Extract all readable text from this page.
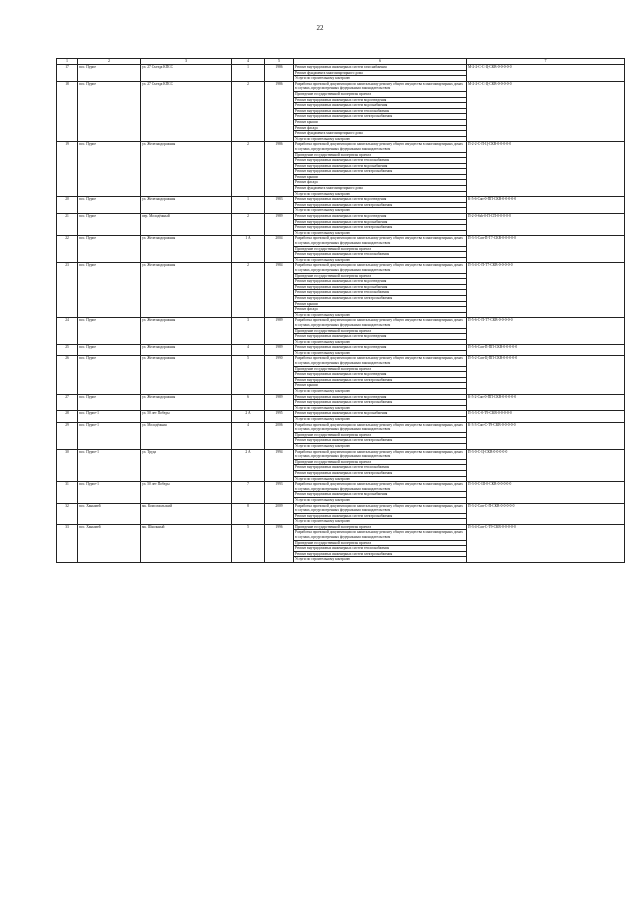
22
1	2	3	4	5	6	7
17	пос. Пурпе	ул. 27 Съезда КПСС	1	1986	Ремонт внутридомовых инженерных систем газоснабжения	М-2-2-С-С-Ц-СКВ-0-0-0-0-0
					Ремонт фундамента многоквартирного дома	
					Услуги по строительному контролю	
18	пос. Пурпе	ул. 27 Съезда КПСС	2	1986	Разработка проектной документации по капитальному ремонту общего имущества в многоквартирных домах в случаях, предусмотренных федеральным законодательством	М-2-2-С-С-Ц-СКВ-0-0-0-0-0
					Проведение государственной экспертизы проекта	
					Ремонт внутридомовых инженерных систем водоотведения	
					Ремонт внутридомовых инженерных систем водоснабжения	
					Ремонт внутридомовых инженерных систем теплоснабжения	
					Ремонт внутридомовых инженерных систем электроснабжения	
					Ремонт крыши	
					Ремонт фасада	
					Ремонт фундамента многоквартирного дома	
					Услуги по строительному контролю	
19	пос. Пурпе	ул. Железнодорожная	2	1986	Разработка проектной документации по капитальному ремонту общего имущества в многоквартирных домах в случаях, предусмотренных федеральным законодательством	П-2-2-С-П-Ц-СКВ-0-0-0-0-0
					Проведение государственной экспертизы проекта	
					Ремонт внутридомовых инженерных систем теплоснабжения	
					Ремонт внутридомовых инженерных систем водоснабжения	
					Ремонт внутридомовых инженерных систем электроснабжения	
					Ремонт крыши	
					Ремонт фасада	
					Ремонт фундамента многоквартирного дома	
					Услуги по строительному контролю	
20	пос. Пурпе	ул. Железнодорожная	1	1983	Ремонт внутридомовых инженерных систем водоотведения	К-5-6-Сап-0-ПП-СКВ-0-0-0-0-0
					Ремонт внутридомовых инженерных систем электроснабжения	
					Услуги по строительному контролю	
21	пос. Пурпе	пер. Молодёжный	2	1989	Ремонт внутридомовых инженерных систем водоотведения	П-2-0-Ssb-0-П-СП-0-0-0-0-0
					Ремонт внутридомовых инженерных систем водоснабжения	
					Ремонт внутридомовых инженерных систем электроснабжения	
					Услуги по строительному контролю	
22	пос. Пурпе	ул. Железнодорожная	1 А	2004	Разработка проектной документации по капитальному ремонту общего имущества в многоквартирных домах в случаях, предусмотренных федеральным законодательством	П-3-3-Сап-П-Т7-СКВ-0-0-0-0-0
					Проведение государственной экспертизы проекта	
					Ремонт внутридомовых инженерных систем теплоснабжения	
					Услуги по строительному контролю	
23	пос. Пурпе	ул. Железнодорожная	2	1984	Разработка проектной документации по капитальному ремонту общего имущества в многоквартирных домах в случаях, предусмотренных федеральным законодательством	П-3-4-С-П-Т7-СКВ-0-0-0-0-0
					Проведение государственной экспертизы проекта	
					Ремонт внутридомовых инженерных систем водоотведения	
					Ремонт внутридомовых инженерных систем водоснабжения	
					Ремонт внутридомовых инженерных систем теплоснабжения	
					Ремонт внутридомовых инженерных систем электроснабжения	
					Ремонт крыши	
					Ремонт фасада	
					Услуги по строительному контролю	
24	пос. Пурпе	ул. Железнодорожная	3	1989	Разработка проектной документации по капитальному ремонту общего имущества в многоквартирных домах в случаях, предусмотренных федеральным законодательством	П-5-6-С-П-Т7-СКВ-0-0-0-0-0
					Проведение государственной экспертизы проекта	
					Ремонт внутридомовых инженерных систем водоотведения	
					Услуги по строительному контролю	
25	пос. Пурпе	ул. Железнодорожная	4	1989	Ремонт внутридомовых инженерных систем водоотведения	П-5-6-Сап-П-ПП-СКВ-0-0-0-0-0
					Услуги по строительному контролю	
26	пос. Пурпе	ул. Железнодорожная	5	1990	Разработка проектной документации по капитальному ремонту общего имущества в многоквартирных домах в случаях, предусмотренных федеральным законодательством	П-5-2-Сап-Ц-ПП-СКВ-0-0-0-0-0
					Проведение государственной экспертизы проекта	
					Ремонт внутридомовых инженерных систем водоотведения	
					Ремонт внутридомовых инженерных систем электроснабжения	
					Ремонт крыши	
					Услуги по строительному контролю	
27	пос. Пурпе	ул. Железнодорожная	6	1989	Ремонт внутридомовых инженерных систем водоотведения	К-5-2-Сап-0-ПП-СКВ-0-0-0-0-0
					Ремонт внутридомовых инженерных систем электроснабжения	
					Услуги по строительному контролю	
28	пос. Пурпе-1	ул. 50 лет Победы	2 А	1995	Ремонт внутридомовых инженерных систем водоснабжения	П-3-3-С-0-Т9-СКВ-0-0-0-0-0
					Услуги по строительному контролю	
29	пос. Пурпе-1	ул. Молодёжная	4	2006	Разработка проектной документации по капитальному ремонту общего имущества в многоквартирных домах в случаях, предусмотренных федеральным законодательством	К-3-3-Сап-С-Т9-СКВ-0-0-0-0-0
					Проведение государственной экспертизы проекта	
					Ремонт внутридомовых инженерных систем электроснабжения	
					Услуги по строительному контролю	
30	пос. Пурпе-1	ул. Труда	2 А	1994	Разработка проектной документации по капитальному ремонту общего имущества в многоквартирных домах в случаях, предусмотренных федеральным законодательством	П-3-0-С-Ц-СКВ-0-0-0-0-0
					Проведение государственной экспертизы проекта	
					Ремонт внутридомовых инженерных систем теплоснабжения	
					Ремонт внутридомовых инженерных систем электроснабжения	
					Услуги по строительному контролю	
31	пос. Пурпе-1	ул. 50 лет Победы	7	1993	Разработка проектной документации по капитальному ремонту общего имущества в многоквартирных домах в случаях, предусмотренных федеральным законодательством	П-3-0-С-Ш-0-СКВ-0-0-0-0-0
					Ремонт внутридомовых инженерных систем водоснабжения	
					Услуги по строительному контролю	
32	пос. Ханымей	мк. Комсомольский	8	2009	Разработка проектной документации по капитальному ремонту общего имущества в многоквартирных домах в случаях, предусмотренных федеральным законодательством	П-3-2-Сап-С-П-СКВ-0-0-0-0-0
					Ремонт внутридомовых инженерных систем электроснабжения	
					Услуги по строительному контролю	
33	пос. Ханымей	мк. Школьный	5	1996	Проведение государственной экспертизы проекта	П-3-4-Сап-С-Т9-СКВ-0-0-0-0-0
					Разработка проектной документации по капитальному ремонту общего имущества в многоквартирных домах в случаях, предусмотренных федеральным законодательством	
					Проведение государственной экспертизы проекта	
					Ремонт внутридомовых инженерных систем теплоснабжения	
					Ремонт внутридомовых инженерных систем электроснабжения	
					Услуги по строительному контролю	
